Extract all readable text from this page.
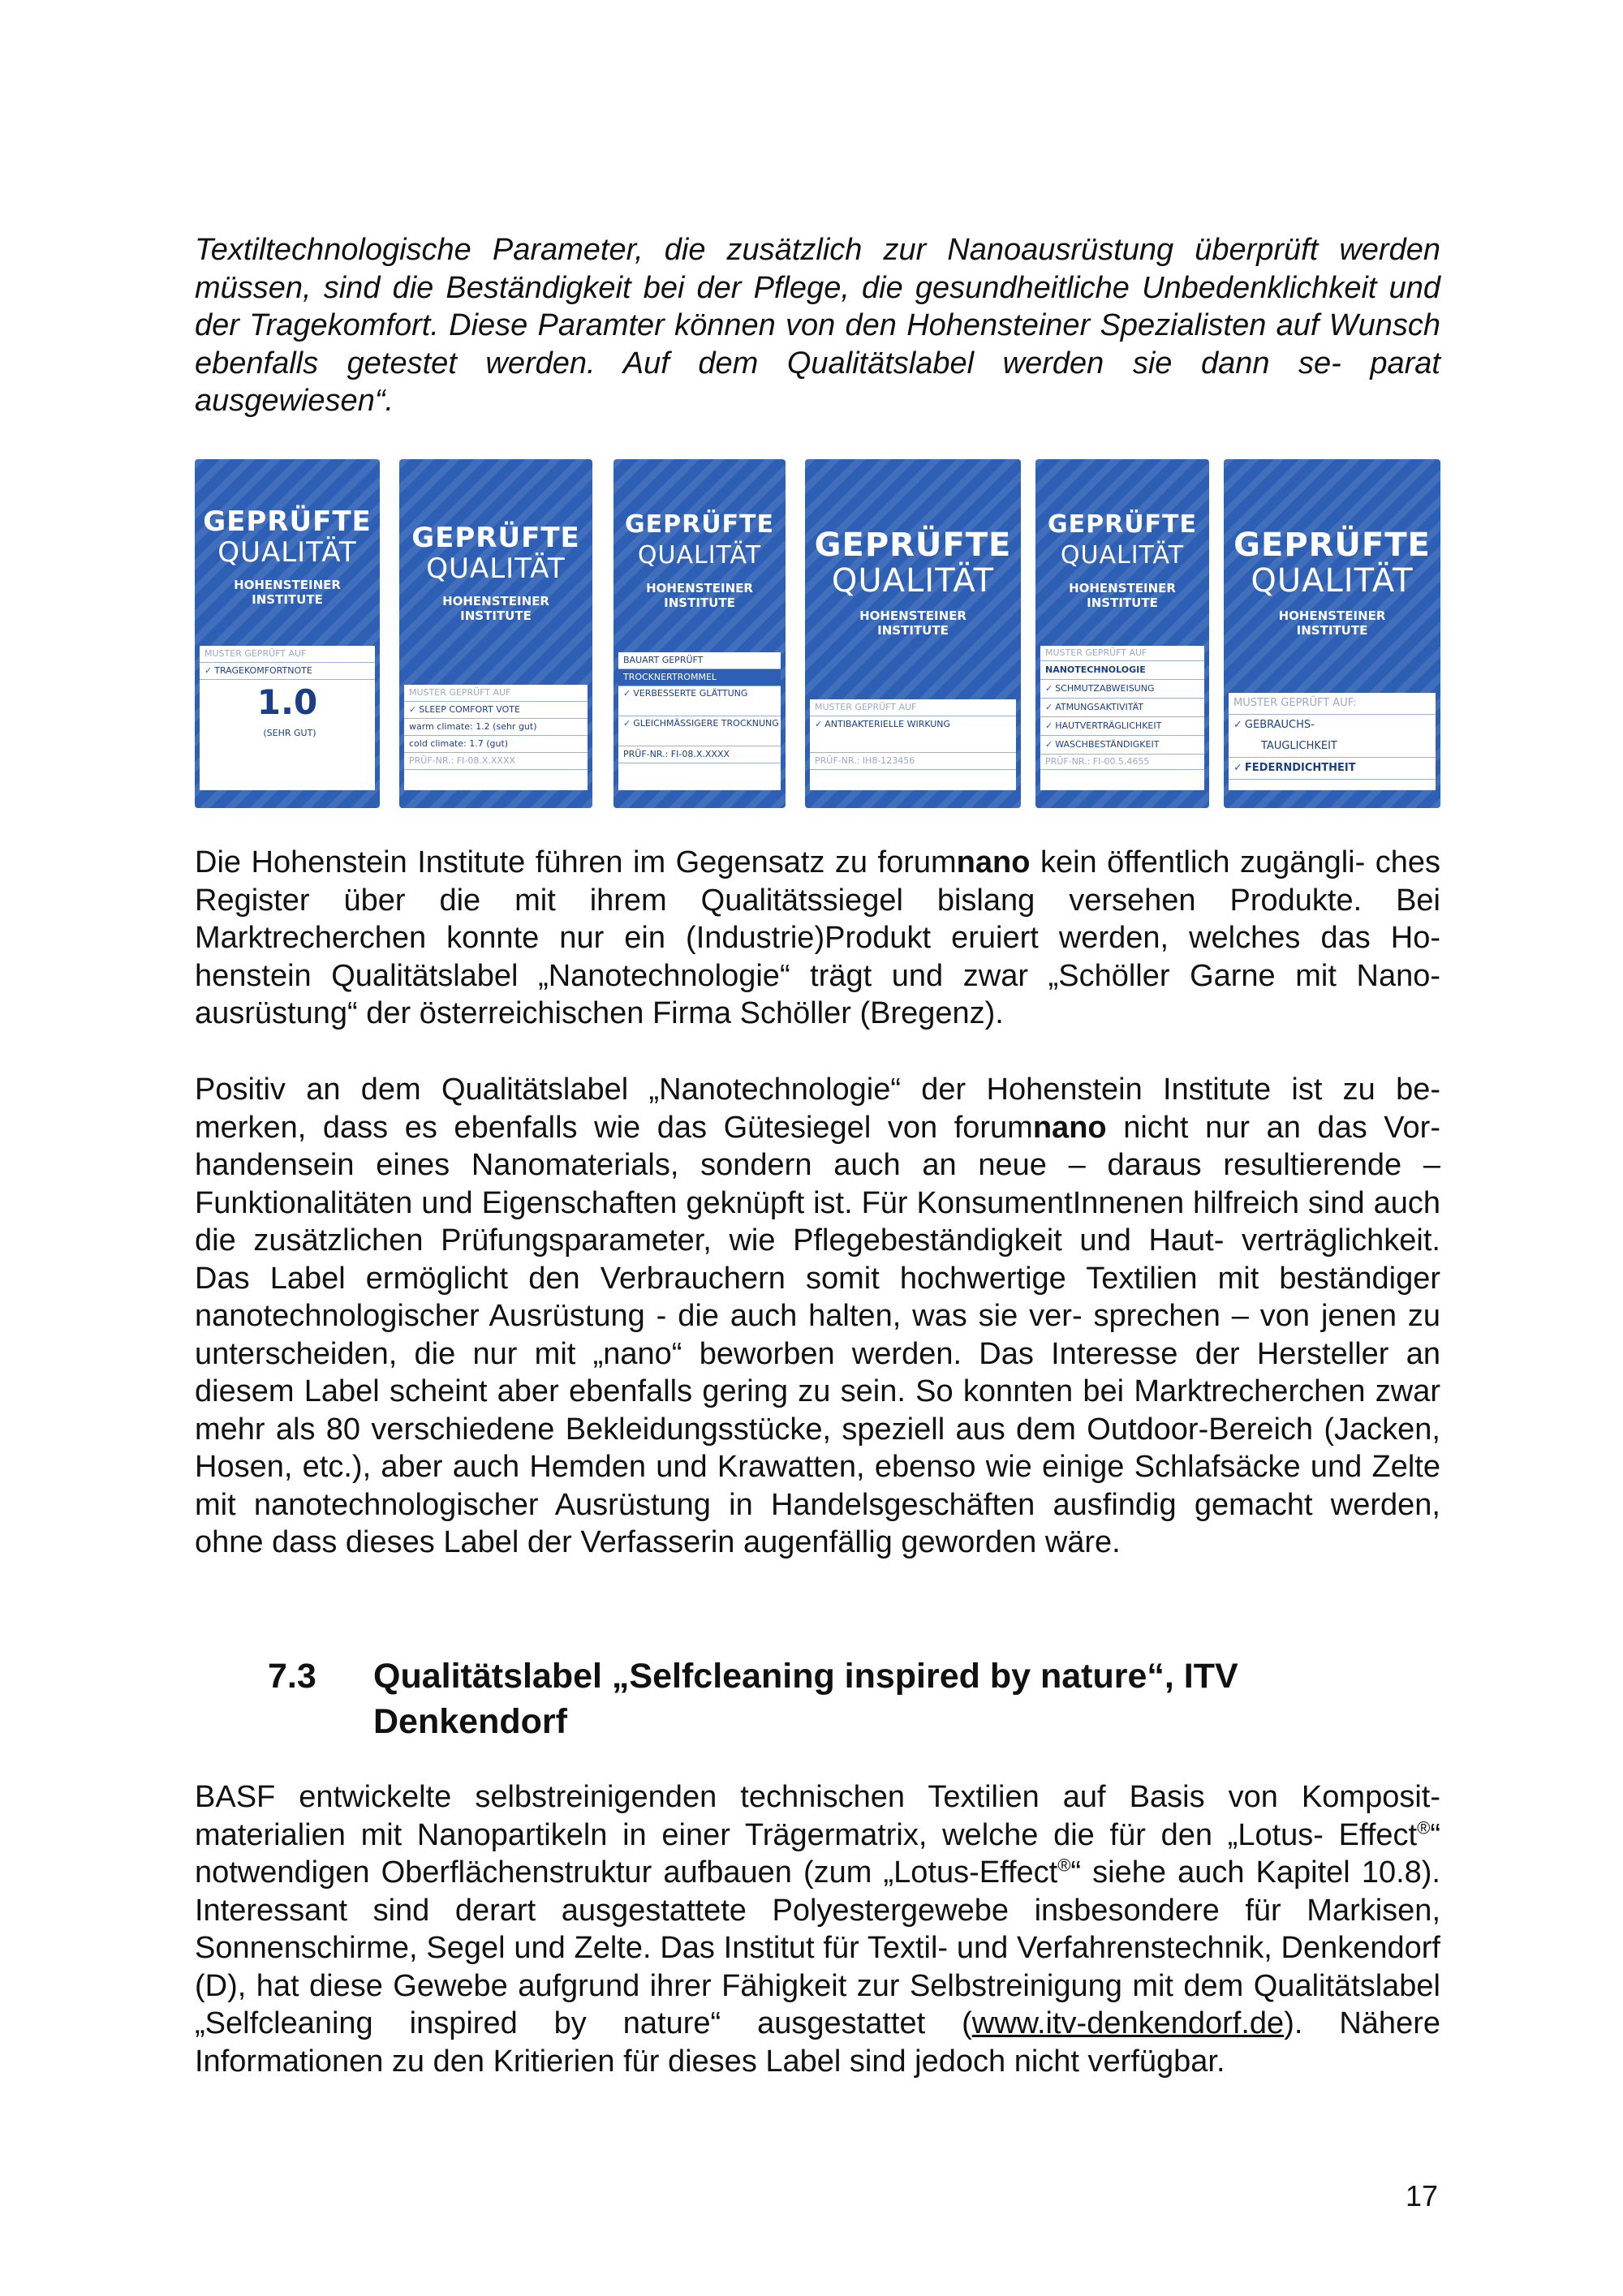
Textiltechnologische Parameter, die zusätzlich zur Nanoausrüstung überprüft werden müssen, sind die Beständigkeit bei der Pflege, die gesundheitliche Unbedenklichkeit und der Tragekomfort. Diese Paramter können von den Hohensteiner Spezialisten auf Wunsch ebenfalls getestet werden. Auf dem Qualitätslabel werden sie dann se- parat ausgewiesen“.

GEPRÜFTE
QUALITÄT
HOHENSTEINER
INSTITUTE
MUSTER GEPRÜFT AUF
✓ TRAGEKOMFORTNOTE
1.0
(SEHR GUT)
GEPRÜFTE
QUALITÄT
HOHENSTEINER
INSTITUTE
MUSTER GEPRÜFT AUF
✓ SLEEP COMFORT VOTE
warm climate: 1.2 (sehr gut)
cold climate: 1.7 (gut)
PRÜF-NR.: FI-08.X.XXXX
GEPRÜFTE
QUALITÄT
HOHENSTEINER
INSTITUTE
BAUART GEPRÜFT
TROCKNERTROMMEL
✓ VERBESSERTE GLÄTTUNG
✓ GLEICHMÄSSIGERE TROCKNUNG
PRÜF-NR.: FI-08.X.XXXX
GEPRÜFTE
QUALITÄT
HOHENSTEINER
INSTITUTE
MUSTER GEPRÜFT AUF
✓ ANTIBAKTERIELLE WIRKUNG
PRÜF-NR.: IH8-123456
GEPRÜFTE
QUALITÄT
HOHENSTEINER
INSTITUTE
MUSTER GEPRÜFT AUF
NANOTECHNOLOGIE
✓ SCHMUTZABWEISUNG
✓ ATMUNGSAKTIVITÄT
✓ HAUTVERTRÄGLICHKEIT
✓ WASCHBESTÄNDIGKEIT
PRÜF-NR.: FI-00.5.4655
GEPRÜFTE
QUALITÄT
HOHENSTEINER
INSTITUTE
MUSTER GEPRÜFT AUF:
✓ GEBRAUCHS-
TAUGLICHKEIT
✓ FEDERNDICHTHEIT

Die Hohenstein Institute führen im Gegensatz zu forumnano kein öffentlich zugängli- ches Register über die mit ihrem Qualitätssiegel bislang versehen Produkte. Bei Marktrecherchen konnte nur ein (Industrie)Produkt eruiert werden, welches das Ho- henstein Qualitätslabel „Nanotechnologie“ trägt und zwar „Schöller Garne mit Nano- ausrüstung“ der österreichischen Firma Schöller (Bregenz).

Positiv an dem Qualitätslabel „Nanotechnologie“ der Hohenstein Institute ist zu be- merken, dass es ebenfalls wie das Gütesiegel von forumnano nicht nur an das Vor- handensein eines Nanomaterials, sondern auch an neue – daraus resultierende – Funktionalitäten und Eigenschaften geknüpft ist. Für KonsumentInnenen hilfreich sind auch die zusätzlichen Prüfungsparameter, wie Pflegebeständigkeit und Haut- verträglichkeit. Das Label ermöglicht den Verbrauchern somit hochwertige Textilien mit beständiger nanotechnologischer Ausrüstung - die auch halten, was sie ver- sprechen – von jenen zu unterscheiden, die nur mit „nano“ beworben werden. Das Interesse der Hersteller an diesem Label scheint aber ebenfalls gering zu sein. So konnten bei Marktrecherchen zwar mehr als 80 verschiedene Bekleidungsstücke, speziell aus dem Outdoor-Bereich (Jacken, Hosen, etc.), aber auch Hemden und Krawatten, ebenso wie einige Schlafsäcke und Zelte mit nanotechnologischer Ausrüstung in Handelsgeschäften ausfindig gemacht werden, ohne dass dieses Label der Verfasserin augenfällig geworden wäre.

7.3 Qualitätslabel „Selfcleaning inspired by nature“, ITV
Denkendorf

BASF entwickelte selbstreinigenden technischen Textilien auf Basis von Komposit- materialien mit Nanopartikeln in einer Trägermatrix, welche die für den „Lotus- Effect®“ notwendigen Oberflächenstruktur aufbauen (zum „Lotus-Effect®“ siehe auch Kapitel 10.8). Interessant sind derart ausgestattete Polyestergewebe insbesondere für Markisen, Sonnenschirme, Segel und Zelte. Das Institut für Textil- und Verfahrenstechnik, Denkendorf (D), hat diese Gewebe aufgrund ihrer Fähigkeit zur Selbstreinigung mit dem Qualitätslabel „Selfcleaning inspired by nature“ ausgestattet (www.itv-denkendorf.de). Nähere Informationen zu den Kritierien für dieses Label sind jedoch nicht verfügbar.

17
